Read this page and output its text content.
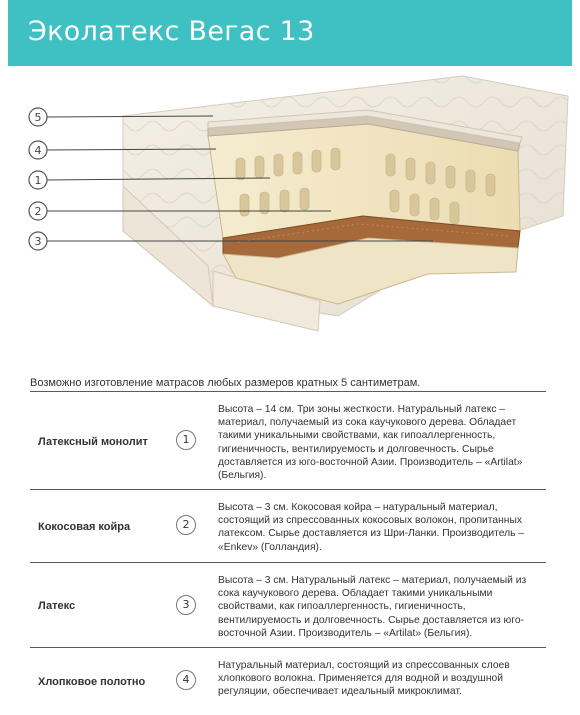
Эколатекс Вегас 13
5
4
1
2
3
Возможно изготовление матрасов любых размеров кратных 5 сантиметрам.
Латексный монолит	1
Высота – 14 см. Три зоны жесткости. Натуральный латекс – материал, получаемый из сока каучукового дерева. Обладает такими уникальными свойствами, как гипоаллергенность, гигиеничность, вентилируемость и долговечность. Сырье доставляется из юго-восточной Азии. Производитель – «Artilat» (Бельгия).
Кокосовая койра	2
Высота – 3 см. Кокосовая койра – натуральный материал, состоящий из спрессованных кокосовых волокон, пропитанных латексом. Сырье доставляется из Шри-Ланки. Производитель – «Enkev» (Голландия).
Латекс	3
Высота – 3 см. Натуральный латекс – материал, получаемый из сока каучукового дерева. Обладает такими уникальными свойствами, как гипоаллергенность, гигиеничность, вентилируемость и долговечность. Сырье доставляется из юго-восточной Азии. Производитель – «Artilat» (Бельгия).
Хлопковое полотно	4
Натуральный материал, состоящий из спрессованных слоев хлопкового волокна. Применяется для водной и воздушной регуляции, обеспечивает идеальный микроклимат.
